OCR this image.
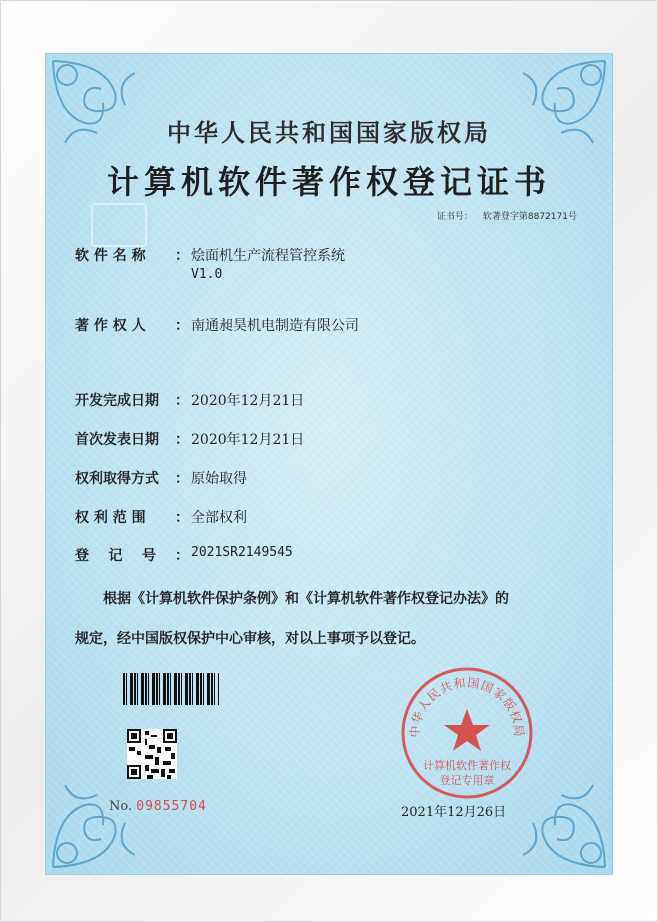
中华人民共和国国家版权局
计算机软件著作权登记证书
证书号： 软著登字第8872171号
软 件 名 称 ： 烩面机生产流程管控系统
V1.0
著 作 权 人 ： 南通昶昊机电制造有限公司
开发完成日期 ： 2020年12月21日
首次发表日期 ： 2020年12月21日
权利取得方式 ： 原始取得
权 利 范 围 ： 全部权利
登    记    号 ： 2021SR2149545
根据《计算机软件保护条例》和《计算机软件著作权登记办法》的
规定，经中国版权保护中心审核，对以上事项予以登记。
No. 09855704
中华人民共和国国家版权局
计算机软件著作权
登记专用章
2021年12月26日
